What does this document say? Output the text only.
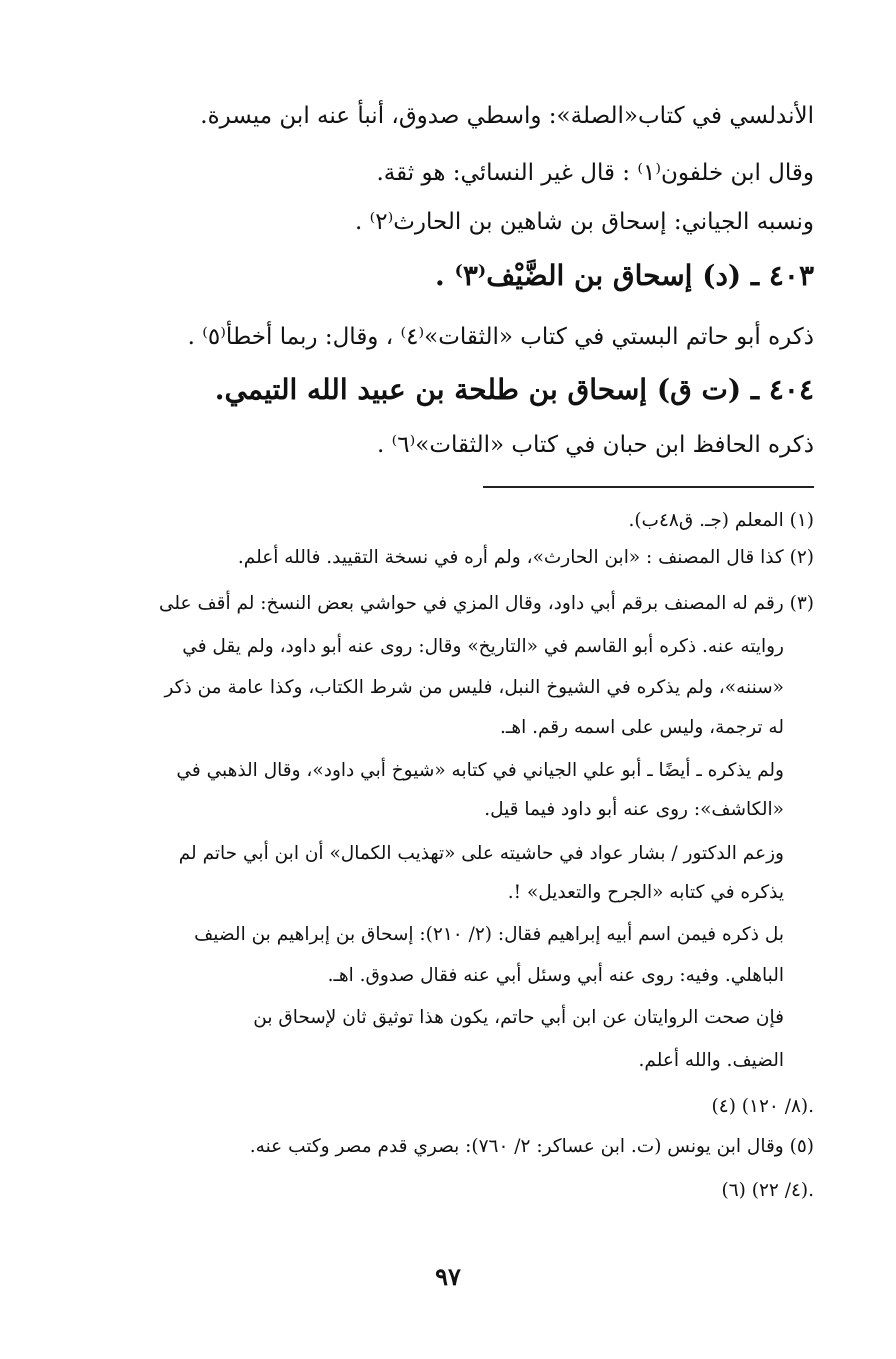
الأندلسي في كتاب«الصلة»: واسطي صدوق، أنبأ عنه ابن ميسرة.
وقال ابن خلفون⁽١⁾ : قال غير النسائي: هو ثقة.
ونسبه الجياني: إسحاق بن شاهين بن الحارث⁽٢⁾ .
٤٠٣ ـ (د) إسحاق بن الضَّيْف⁽٣⁾ .
ذكره أبو حاتم البستي في كتاب «الثقات»⁽٤⁾ ، وقال: ربما أخطأ⁽٥⁾ .
٤٠٤ ـ (ت ق) إسحاق بن طلحة بن عبيد الله التيمي.
ذكره الحافظ ابن حبان في كتاب «الثقات»⁽٦⁾ .
(١) المعلم (جـ. ق٤٨ب).
(٢) كذا قال المصنف : «ابن الحارث»، ولم أره في نسخة التقييد. فالله أعلم.
(٣) رقم له المصنف برقم أبي داود، وقال المزي في حواشي بعض النسخ: لم أقف على
روايته عنه. ذكره أبو القاسم في «التاريخ» وقال: روى عنه أبو داود، ولم يقل في
«سننه»، ولم يذكره في الشيوخ النبل، فليس من شرط الكتاب، وكذا عامة من ذكر
له ترجمة، وليس على اسمه رقم. اهـ.
ولم يذكره ـ أيضًا ـ أبو علي الجياني في كتابه «شيوخ أبي داود»، وقال الذهبي في
«الكاشف»: روى عنه أبو داود فيما قيل.
وزعم الدكتور / بشار عواد في حاشيته على «تهذيب الكمال» أن ابن أبي حاتم لم
يذكره في كتابه «الجرح والتعديل» !.
بل ذكره فيمن اسم أبيه إبراهيم فقال: (٢/ ٢١٠): إسحاق بن إبراهيم بن الضيف
الباهلي. وفيه: روى عنه أبي وسئل أبي عنه فقال صدوق. اهـ.
فإن صحت الروايتان عن ابن أبي حاتم، يكون هذا توثيق ثان لإسحاق بن
الضيف. والله أعلم.
(٤) (٨/ ١٢٠).
(٥) وقال ابن يونس (ت. ابن عساكر: ٢/ ٧٦٠): بصري قدم مصر وكتب عنه.
(٦) (٤/ ٢٢).
٩٧
